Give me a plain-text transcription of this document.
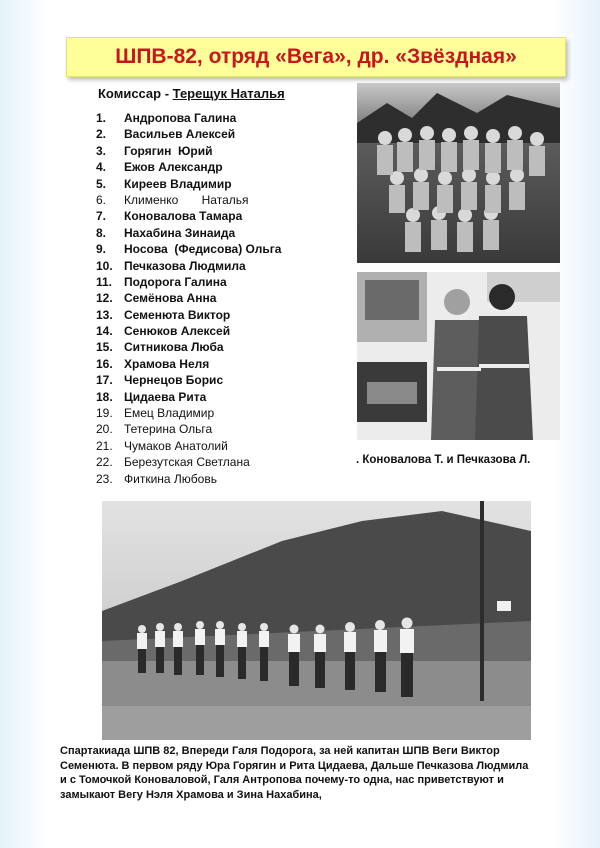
ШПВ-82, отряд «Вега», др. «Звёздная»
Комиссар - Терещук Наталья
1.	Андропова Галина
2.	Васильев Алексей
3.	Горягин  Юрий
4.	Ежов Александр
5.	Киреев Владимир
6.	Клименко       Наталья
7.	Коновалова Тамара
8.	Нахабина Зинаида
9.	Носова  (Федисова) Ольга
10. Печказова Людмила
11. Подорога Галина
12. Семёнова Анна
13. Семенюта Виктор
14. Сенюков Алексей
15. Ситникова Люба
16. Храмова Неля
17. Чернецов Борис
18. Цидаева Рита
19. Емец Владимир
20. Тетерина Ольга
21. Чумаков Анатолий
22. Березутская Светлана
23. Фиткина Любовь
. Коновалова Т. и Печказова Л.
Спартакиада ШПВ 82, Впереди Галя Подорога, за ней капитан ШПВ Веги Виктор Семенюта. В первом ряду Юра Горягин и Рита Цидаева, Дальше Печказова Людмила и с Томочкой Коноваловой, Галя Антропова почему-то одна, нас приветствуют и замыкают Вегу Нэля Храмова и Зина Нахабина,
